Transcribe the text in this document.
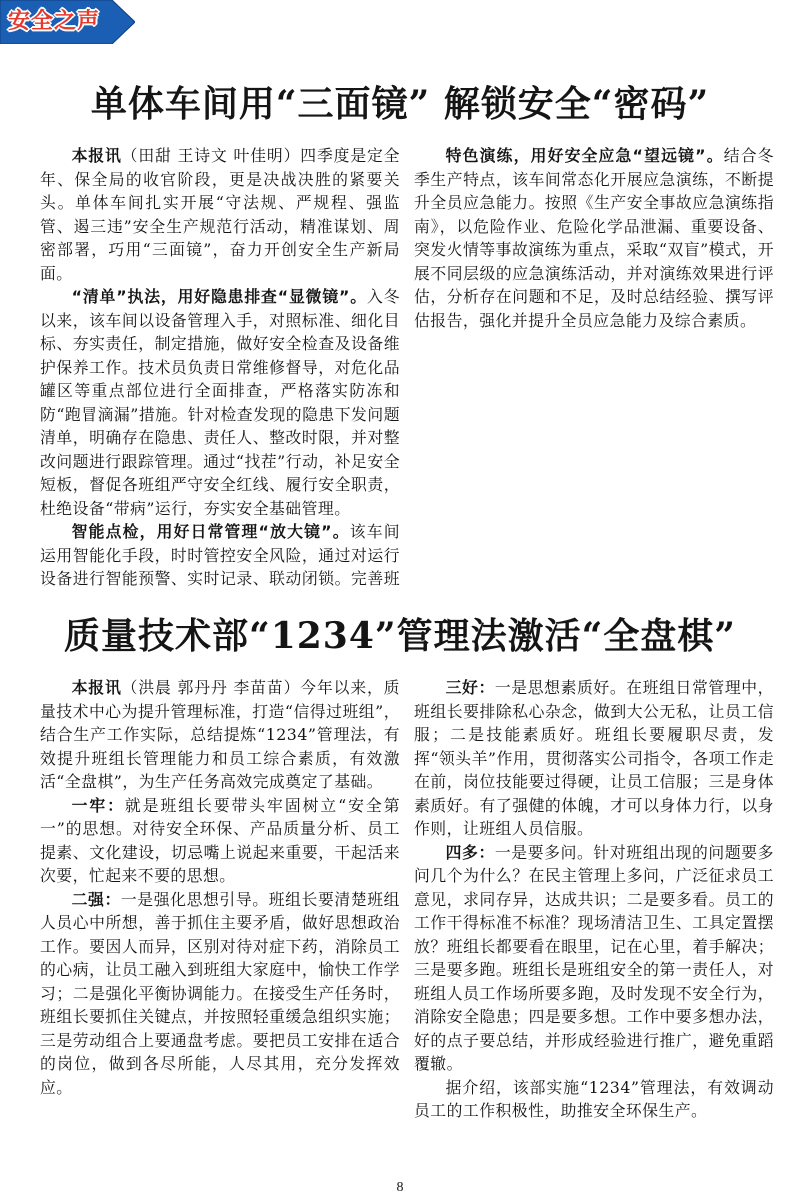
安全之声
单体车间用“三面镜” 解锁安全“密码”

本报讯（田甜 王诗文 叶佳明）四季度是定全年、保全局的收官阶段，更是决战决胜的紧要关头。单体车间扎实开展“守法规、严规程、强监管、遏三违”安全生产规范行活动，精准谋划、周密部署，巧用“三面镜”，奋力开创安全生产新局面。

“清单”执法，用好隐患排查“显微镜”。入冬以来，该车间以设备管理入手，对照标准、细化目标、夯实责任，制定措施，做好安全检查及设备维护保养工作。技术员负责日常维修督导，对危化品罐区等重点部位进行全面排查，严格落实防冻和防“跑冒滴漏”措施。针对检查发现的隐患下发问题清单，明确存在隐患、责任人、整改时限，并对整改问题进行跟踪管理。通过“找茬”行动，补足安全短板，督促各班组严守安全红线、履行安全职责，杜绝设备“带病”运行，夯实安全基础管理。

智能点检，用好日常管理“放大镜”。该车间运用智能化手段，时时管控安全风险，通过对运行设备进行智能预警、实时记录、联动闭锁。完善班

特色演练，用好安全应急“望远镜”。结合冬季生产特点，该车间常态化开展应急演练，不断提升全员应急能力。按照《生产安全事故应急演练指南》，以危险作业、危险化学品泄漏、重要设备、突发火情等事故演练为重点，采取“双盲”模式，开展不同层级的应急演练活动，并对演练效果进行评估，分析存在问题和不足，及时总结经验、撰写评估报告，强化并提升全员应急能力及综合素质。

质量技术部“1234”管理法激活“全盘棋”

本报讯（洪晨 郭丹丹 李苗苗）今年以来，质量技术中心为提升管理标准，打造“信得过班组”，结合生产工作实际，总结提炼“1234”管理法，有效提升班组长管理能力和员工综合素质，有效激活“全盘棋”，为生产任务高效完成奠定了基础。

一牢：就是班组长要带头牢固树立“安全第一”的思想。对待安全环保、产品质量分析、员工提素、文化建设，切忌嘴上说起来重要，干起活来次要，忙起来不要的思想。

二强：一是强化思想引导。班组长要清楚班组人员心中所想，善于抓住主要矛盾，做好思想政治工作。要因人而异，区别对待对症下药，消除员工的心病，让员工融入到班组大家庭中，愉快工作学习；二是强化平衡协调能力。在接受生产任务时，班组长要抓住关键点，并按照轻重缓急组织实施；三是劳动组合上要通盘考虑。要把员工安排在适合的岗位，做到各尽所能，人尽其用，充分发挥效应。

三好：一是思想素质好。在班组日常管理中，班组长要排除私心杂念，做到大公无私，让员工信服；二是技能素质好。班组长要履职尽责，发挥“领头羊”作用，贯彻落实公司指令，各项工作走在前，岗位技能要过得硬，让员工信服；三是身体素质好。有了强健的体魄，才可以身体力行，以身作则，让班组人员信服。

四多：一是要多问。针对班组出现的问题要多问几个为什么？在民主管理上多问，广泛征求员工意见，求同存异，达成共识；二是要多看。员工的工作干得标准不标准？现场清洁卫生、工具定置摆放？班组长都要看在眼里，记在心里，着手解决；三是要多跑。班组长是班组安全的第一责任人，对班组人员工作场所要多跑，及时发现不安全行为，消除安全隐患；四是要多想。工作中要多想办法，好的点子要总结，并形成经验进行推广，避免重蹈覆辙。

据介绍，该部实施“1234”管理法，有效调动员工的工作积极性，助推安全环保生产。

8
